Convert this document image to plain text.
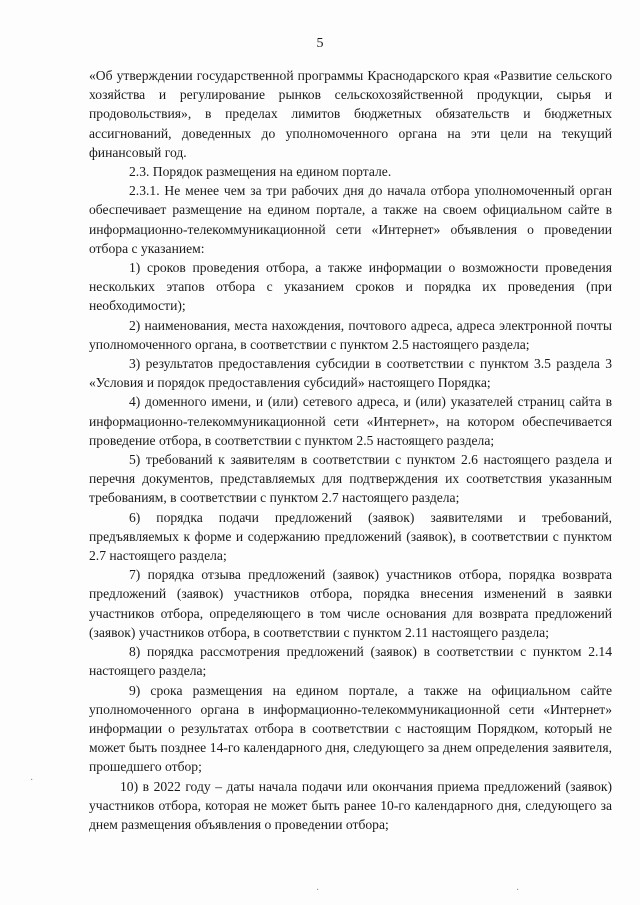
5

«Об утверждении государственной программы Краснодарского края «Развитие сельского хозяйства и регулирование рынков сельскохозяйственной продукции, сырья и продовольствия», в пределах лимитов бюджетных обязательств и бюджетных ассигнований, доведенных до уполномоченного органа на эти цели на текущий финансовый год.

2.3. Порядок размещения на едином портале.

2.3.1. Не менее чем за три рабочих дня до начала отбора уполномоченный орган обеспечивает размещение на едином портале, а также на своем официальном сайте в информационно-телекоммуникационной сети «Интернет» объявления о проведении отбора с указанием:

1) сроков проведения отбора, а также информации о возможности проведения нескольких этапов отбора с указанием сроков и порядка их проведения (при необходимости);

2) наименования, места нахождения, почтового адреса, адреса электронной почты уполномоченного органа, в соответствии с пунктом 2.5 настоящего раздела;

3) результатов предоставления субсидии в соответствии с пунктом 3.5 раздела 3 «Условия и порядок предоставления субсидий» настоящего Порядка;

4) доменного имени, и (или) сетевого адреса, и (или) указателей страниц сайта в информационно-телекоммуникационной сети «Интернет», на котором обеспечивается проведение отбора, в соответствии с пунктом 2.5 настоящего раздела;

5) требований к заявителям в соответствии с пунктом 2.6 настоящего раздела и перечня документов, представляемых для подтверждения их соответствия указанным требованиям, в соответствии с пунктом 2.7 настоящего раздела;

6) порядка подачи предложений (заявок) заявителями и требований, предъявляемых к форме и содержанию предложений (заявок), в соответствии с пунктом 2.7 настоящего раздела;

7) порядка отзыва предложений (заявок) участников отбора, порядка возврата предложений (заявок) участников отбора, порядка внесения изменений в заявки участников отбора, определяющего в том числе основания для возврата предложений (заявок) участников отбора, в соответствии с пунктом 2.11 настоящего раздела;

8) порядка рассмотрения предложений (заявок) в соответствии с пунктом 2.14 настоящего раздела;

9) срока размещения на едином портале, а также на официальном сайте уполномоченного органа в информационно-телекоммуникационной сети «Интернет» информации о результатах отбора в соответствии с настоящим Порядком, который не может быть позднее 14-го календарного дня, следующего за днем определения заявителя, прошедшего отбор;

10) в 2022 году – даты начала подачи или окончания приема предложений (заявок) участников отбора, которая не может быть ранее 10-го календарного дня, следующего за днем размещения объявления о проведении отбора;

·
·	·
